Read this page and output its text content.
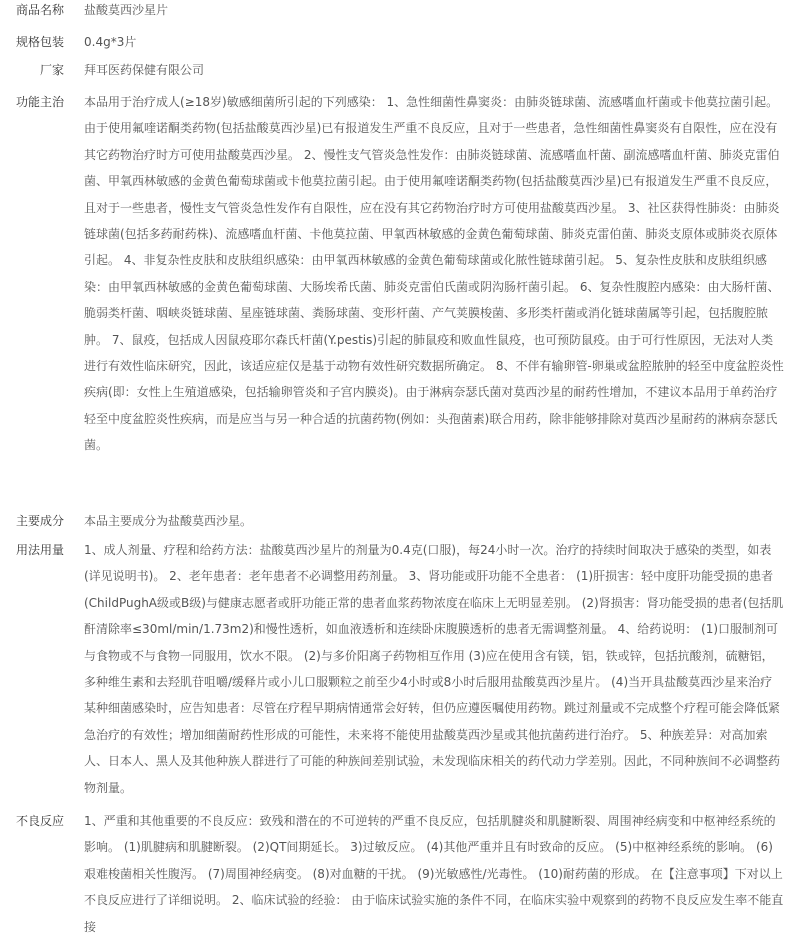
商品名称	盐酸莫西沙星片
规格包装	0.4g*3片
厂家	拜耳医药保健有限公司
功能主治	本品用于治疗成人(≥18岁)敏感细菌所引起的下列感染： 1、急性细菌性鼻窦炎：由肺炎链球菌、流感嗜血杆菌或卡他莫拉菌引起。由于使用氟喹诺酮类药物(包括盐酸莫西沙星)已有报道发生严重不良反应，且对于一些患者，急性细菌性鼻窦炎有自限性，应在没有其它药物治疗时方可使用盐酸莫西沙星。 2、慢性支气管炎急性发作：由肺炎链球菌、流感嗜血杆菌、副流感嗜血杆菌、肺炎克雷伯菌、甲氧西林敏感的金黄色葡萄球菌或卡他莫拉菌引起。由于使用氟喹诺酮类药物(包括盐酸莫西沙星)已有报道发生严重不良反应，且对于一些患者，慢性支气管炎急性发作有自限性，应在没有其它药物治疗时方可使用盐酸莫西沙星。 3、社区获得性肺炎：由肺炎链球菌(包括多药耐药株)、流感嗜血杆菌、卡他莫拉菌、甲氧西林敏感的金黄色葡萄球菌、肺炎克雷伯菌、肺炎支原体或肺炎衣原体引起。 4、非复杂性皮肤和皮肤组织感染：由甲氧西林敏感的金黄色葡萄球菌或化脓性链球菌引起。 5、复杂性皮肤和皮肤组织感染：由甲氧西林敏感的金黄色葡萄球菌、大肠埃希氏菌、肺炎克雷伯氏菌或阴沟肠杆菌引起。 6、复杂性腹腔内感染：由大肠杆菌、脆弱类杆菌、咽峡炎链球菌、星座链球菌、粪肠球菌、变形杆菌、产气荚膜梭菌、多形类杆菌或消化链球菌属等引起，包括腹腔脓肿。 7、鼠疫，包括成人因鼠疫耶尔森氏杆菌(Y.pestis)引起的肺鼠疫和败血性鼠疫，也可预防鼠疫。由于可行性原因，无法对人类进行有效性临床研究，因此，该适应症仅是基于动物有效性研究数据所确定。 8、不伴有输卵管-卵巢或盆腔脓肿的轻至中度盆腔炎性疾病(即：女性上生殖道感染，包括输卵管炎和子宫内膜炎)。由于淋病奈瑟氏菌对莫西沙星的耐药性增加，不建议本品用于单药治疗轻至中度盆腔炎性疾病，而是应当与另一种合适的抗菌药物(例如：头孢菌素)联合用药，除非能够排除对莫西沙星耐药的淋病奈瑟氏菌。
主要成分	本品主要成分为盐酸莫西沙星。
用法用量	1、成人剂量、疗程和给药方法：盐酸莫西沙星片的剂量为0.4克(口服)，每24小时一次。治疗的持续时间取决于感染的类型，如表(详见说明书)。 2、老年患者：老年患者不必调整用药剂量。 3、肾功能或肝功能不全患者： (1)肝损害：轻中度肝功能受损的患者(ChildPughA级或B级)与健康志愿者或肝功能正常的患者血浆药物浓度在临床上无明显差别。 (2)肾损害：肾功能受损的患者(包括肌酐清除率≤30ml/min/1.73m2)和慢性透析，如血液透析和连续卧床腹膜透析的患者无需调整剂量。 4、给药说明： (1)口服制剂可与食物或不与食物一同服用，饮水不限。 (2)与多价阳离子药物相互作用 (3)应在使用含有镁，铝，铁或锌，包括抗酸剂，硫糖铝，多种维生素和去羟肌苷咀嚼/缓释片或小儿口服颗粒之前至少4小时或8小时后服用盐酸莫西沙星片。 (4)当开具盐酸莫西沙星来治疗某种细菌感染时，应告知患者：尽管在疗程早期病情通常会好转，但仍应遵医嘱使用药物。跳过剂量或不完成整个疗程可能会降低紧急治疗的有效性；增加细菌耐药性形成的可能性，未来将不能使用盐酸莫西沙星或其他抗菌药进行治疗。 5、种族差异：对高加索人、日本人、黑人及其他种族人群进行了可能的种族间差别试验，未发现临床相关的药代动力学差别。因此，不同种族间不必调整药物剂量。
不良反应	1、严重和其他重要的不良反应：致残和潜在的不可逆转的严重不良反应，包括肌腱炎和肌腱断裂、周围神经病变和中枢神经系统的影响。 (1)肌腱病和肌腱断裂。 (2)QT间期延长。 3)过敏反应。 (4)其他严重并且有时致命的反应。 (5)中枢神经系统的影响。 (6)艰难梭菌相关性腹泻。 (7)周围神经病变。 (8)对血糖的干扰。 (9)光敏感性/光毒性。 (10)耐药菌的形成。 在【注意事项】下对以上不良反应进行了详细说明。 2、临床试验的经验： 由于临床试验实施的条件不同，在临床实验中观察到的药物不良反应发生率不能直接
